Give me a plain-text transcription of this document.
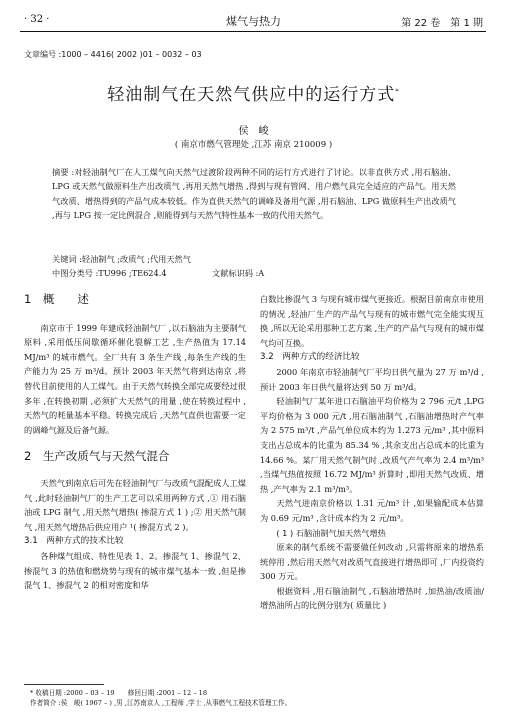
· 32 ·	煤气与热力	第 22 卷　第 1 期
文章编号 :1000 – 4416( 2002 )01 – 0032 – 03
轻油制气在天然气供应中的运行方式*
侯　峻
( 南京市燃气管理处 ,江苏 南京 210009 )
摘要 :对轻油制气厂在人工煤气向天然气过渡阶段两种不同的运行方式进行了讨论。以非直供方式 ,用石脑油、LPG 或天然气做原料生产出改质气 ,再用天然气增热 ,得到与现有管网、用户燃气具完全适应的产品气。用天然气改质、增热得到的产品气成本较低。作为直供天然气的调峰及备用气源 ,用石脑油、LPG 做原料生产出改质气 ,再与 LPG 按一定比例混合 ,则能得到与天然气特性基本一致的代用天然气。
关键词 :轻油制气 ;改质气 ;代用天然气
中图分类号 :TU996 ;TE624.4	文献标识码 :A
1　概　　述

南京市于 1999 年建成轻油制气厂 ,以石脑油为主要制气原料 ,采用低压间歇循环催化裂解工艺 ,生产热值为 17.14 MJ/m³ 的城市燃气。全厂共有 3 条生产线 ,每条生产线的生产能力为 25 万 m³/d。预计 2003 年天然气将到达南京 ,将替代目前使用的人工煤气。由于天然气转换全部完成要经过很多年 ,在转换初期 ,必须扩大天然气的用量 ,使在转换过程中 ,天然气的耗量基本平稳。转换完成后 ,天然气直供也需要一定的调峰气源及后备气源。

2　生产改质气与天然气混合

天然气到南京后可先在轻油制气厂与改质气混配成人工煤气 ,此时轻油制气厂的生产工艺可以采用两种方式 ,① 用石脑油或 LPG 制气 ,用天然气增热( 掺混方式 1 ) ;② 用天然气制气 ,用天然气增热后供应用户 ¹( 掺混方式 2 )。

3.1　两种方式的技术比较

各种煤气组成、特性见表 1、2。掺混气 1、掺混气 2、掺混气 3 的热值和燃烧势与现有的城市煤气基本一致 ,但是掺混气 1、掺混气 2 的相对密度和华

白数比掺混气 3 与现有城市煤气更接近。根据目前南京市使用的情况 ,轻油厂生产的产品气与现有的城市燃气完全能实现互换 ,所以无论采用那种工艺方案 ,生产的产品气与现有的城市煤气均可互换。

3.2　两种方式的经济比较

2000 年南京市轻油制气厂平均日供气量为 27 万 m³/d ,预计 2003 年日供气量将达到 50 万 m³/d。

轻油制气厂某年进口石脑油平均价格为 2 796 元/t ,LPG 平均价格为 3 000 元/t ,用石脑油制气 ,石脑油增热时产气率为 2 575 m³/t ,产品气单位成本约为 1.273 元/m³ ,其中原料支出占总成本的比重为 85.34 % ,其余支出占总成本的比重为 14.66 %。某厂用天然气制气时 ,改质气产气率为 2.4 m³/m³ ,当煤气热值按照 16.72 MJ/m³ 折算时 ,即用天然气改质、增热 ,产气率为 2.1 m³/m³。

天然气进南京价格以 1.31 元/m³ 计 ,如果输配成本估算为 0.69 元/m³ ,含计成本约为 2 元/m³。

( 1 ) 石脑油制气加天然气增热

原来的制气系统不需要做任何改动 ,只需将原来的增热系统停用 ,然后用天然气对改质气直接进行增热即可 ,厂内投资约 300 万元。

根据资料 ,用石脑油制气 ,石脑油增热时 ,加热油/改质油/增热油所占的比例分别为( 质量比 )

* 收稿日期 :2000 – 03 – 19　　修回日期 :2001 – 12 – 18
作者简介 :侯　峻( 1967 – ) ,男 ,江苏南京人 ,工程师 ,学士 ,从事燃气工程技术管理工作。
